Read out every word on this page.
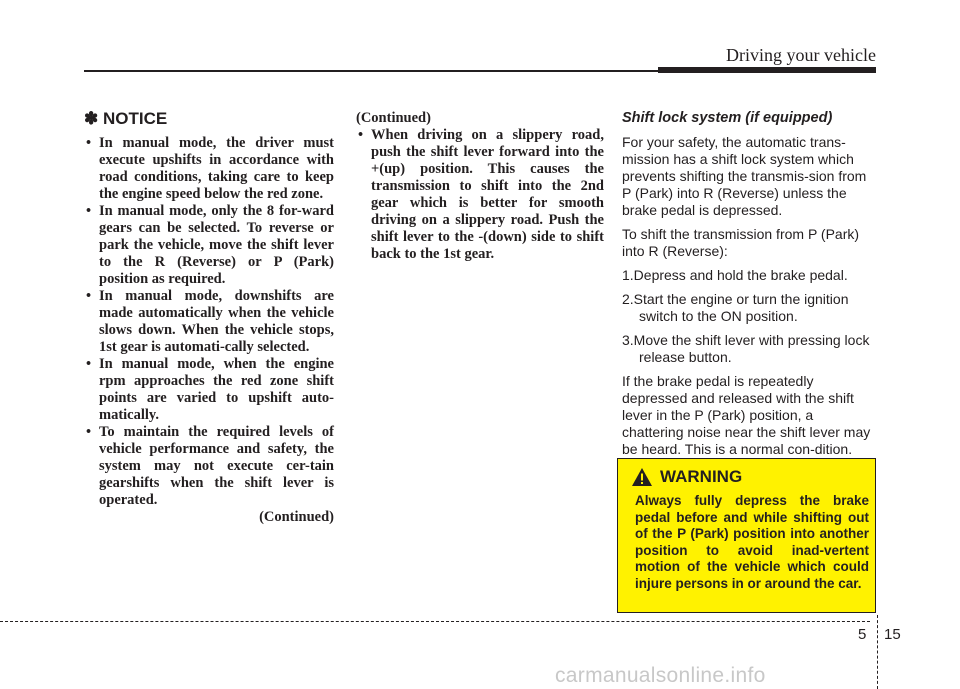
Driving your vehicle
✽ NOTICE
• In manual mode, the driver must execute upshifts in accordance with road conditions, taking care to keep the engine speed below the red zone.
• In manual mode, only the 8 for-ward gears can be selected. To reverse or park the vehicle, move the shift lever to the R (Reverse) or P (Park) position as required.
• In manual mode, downshifts are made automatically when the vehicle slows down. When the vehicle stops, 1st gear is automati-cally selected.
• In manual mode, when the engine rpm approaches the red zone shift points are varied to upshift auto-matically.
• To maintain the required levels of vehicle performance and safety, the system may not execute cer-tain gearshifts when the shift lever is operated.
(Continued)
(Continued)
• When driving on a slippery road, push the shift lever forward into the +(up) position. This causes the transmission to shift into the 2nd gear which is better for smooth driving on a slippery road. Push the shift lever to the -(down) side to shift back to the 1st gear.
Shift lock system (if equipped)

For your safety, the automatic trans-mission has a shift lock system which prevents shifting the transmis-sion from P (Park) into R (Reverse) unless the brake pedal is depressed.

To shift the transmission from P (Park) into R (Reverse):

1.Depress and hold the brake pedal.
2.Start the engine or turn the ignition switch to the ON position.
3.Move the shift lever with pressing lock release button.

If the brake pedal is repeatedly depressed and released with the shift lever in the P (Park) position, a chattering noise near the shift lever may be heard. This is a normal con-dition.

WARNING
Always fully depress the brake pedal before and while shifting out of the P (Park) position into another position to avoid inad-vertent motion of the vehicle which could injure persons in or around the car.
5 15
carmanualsonline.info
